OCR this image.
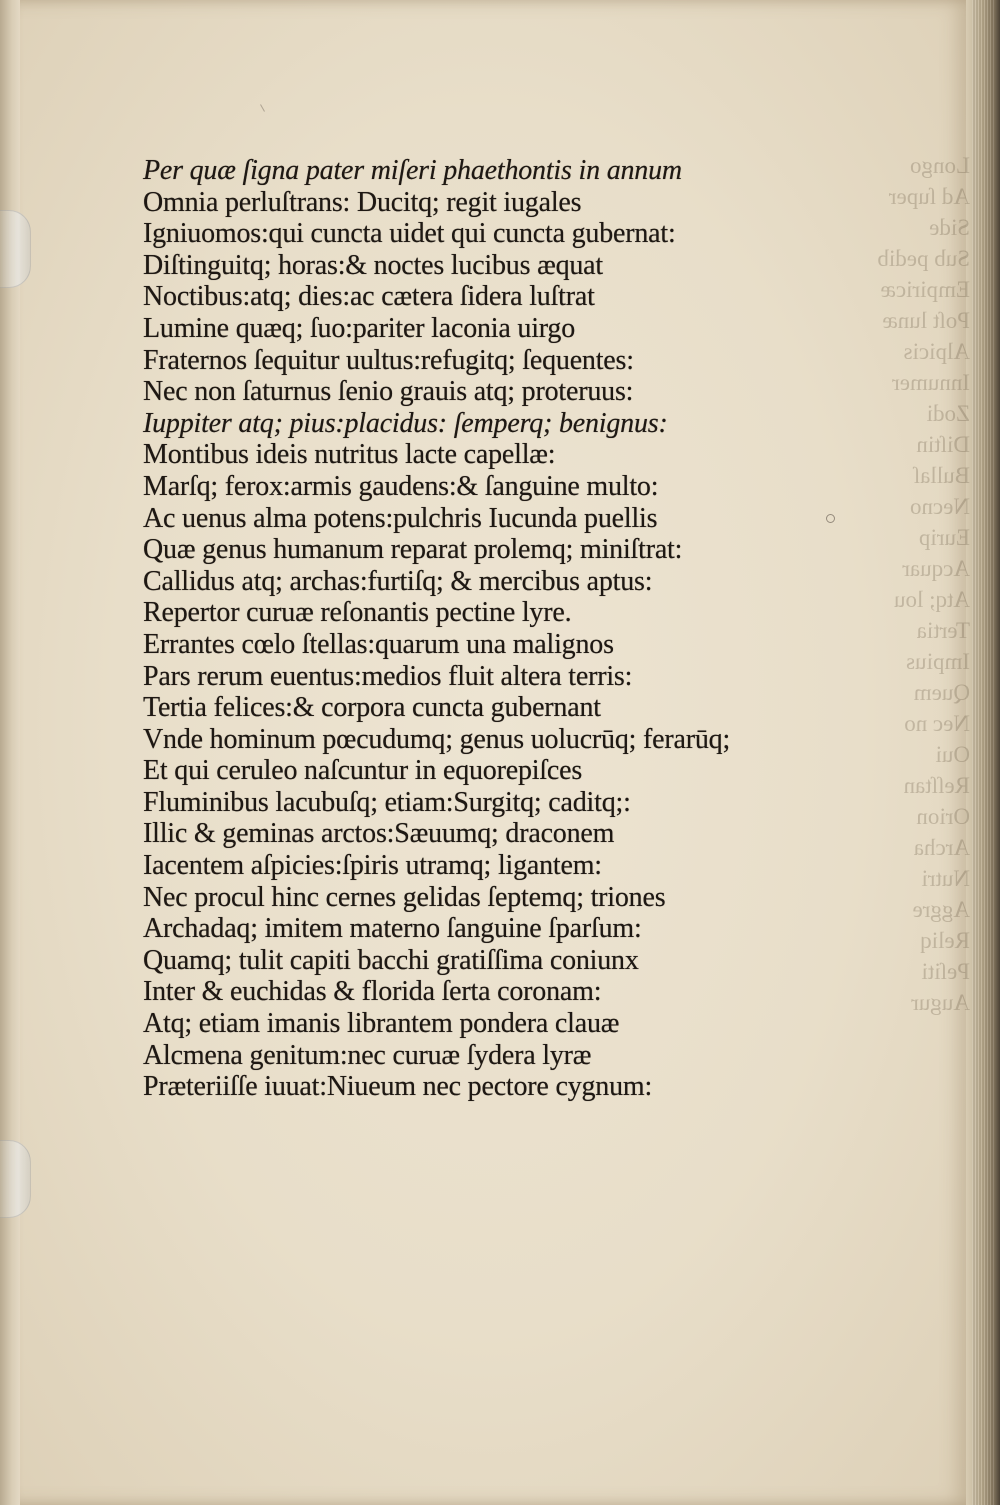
Longo
Ad ſuper
Side
Sub pedib
Empiricæ
Poſt lunæ
Alpicis
Innumer
Zodi
Diſtin
Bullaſ
Necno
Eurip
Acquar
Atq; lou
Tertia
Impius
Quem
Nec no
Oui
Reſſtan
Orion
Archa
Nutri
Aggre
Reliq
Peſiti
Augur
Per quæ ſigna pater miſeri phaethontis in annum
Omnia perluſtrans: Ducitq; regit iugales
Igniuomos:qui cuncta uidet qui cuncta gubernat:
Diſtinguitq; horas:& noctes lucibus æquat
Noctibus:atq; dies:ac cætera ſidera luſtrat
Lumine quæq; ſuo:pariter laconia uirgo
Fraternos ſequitur uultus:refugitq; ſequentes:
Nec non ſaturnus ſenio grauis atq; proteruus:
Iuppiter atq; pius:placidus: ſemperq; benignus:
Montibus ideis nutritus lacte capellæ:
Marſq; ferox:armis gaudens:& ſanguine multo:
Ac uenus alma potens:pulchris Iucunda puellis
Quæ genus humanum reparat prolemq; miniſtrat:
Callidus atq; archas:furtiſq; & mercibus aptus:
Repertor curuæ reſonantis pectine lyre.
Errantes cœlo ſtellas:quarum una malignos
Pars rerum euentus:medios fluit altera terris:
Tertia felices:& corpora cuncta gubernant
Vnde hominum pœcudumq; genus uolucrūq; ferarūq;
Et qui ceruleo naſcuntur in equorepiſces
Fluminibus lacubuſq; etiam:Surgitq; caditq;:
Illic & geminas arctos:Sæuumq; draconem
Iacentem aſpicies:ſpiris utramq; ligantem:
Nec procul hinc cernes gelidas ſeptemq; triones
Archadaq; imitem materno ſanguine ſparſum:
Quamq; tulit capiti bacchi gratiſſima coniunx
Inter & euchidas & florida ſerta coronam:
Atq; etiam imanis librantem pondera clauæ
Alcmena genitum:nec curuæ ſydera lyræ
Præteriiſſe iuuat:Niueum nec pectore cygnum:
